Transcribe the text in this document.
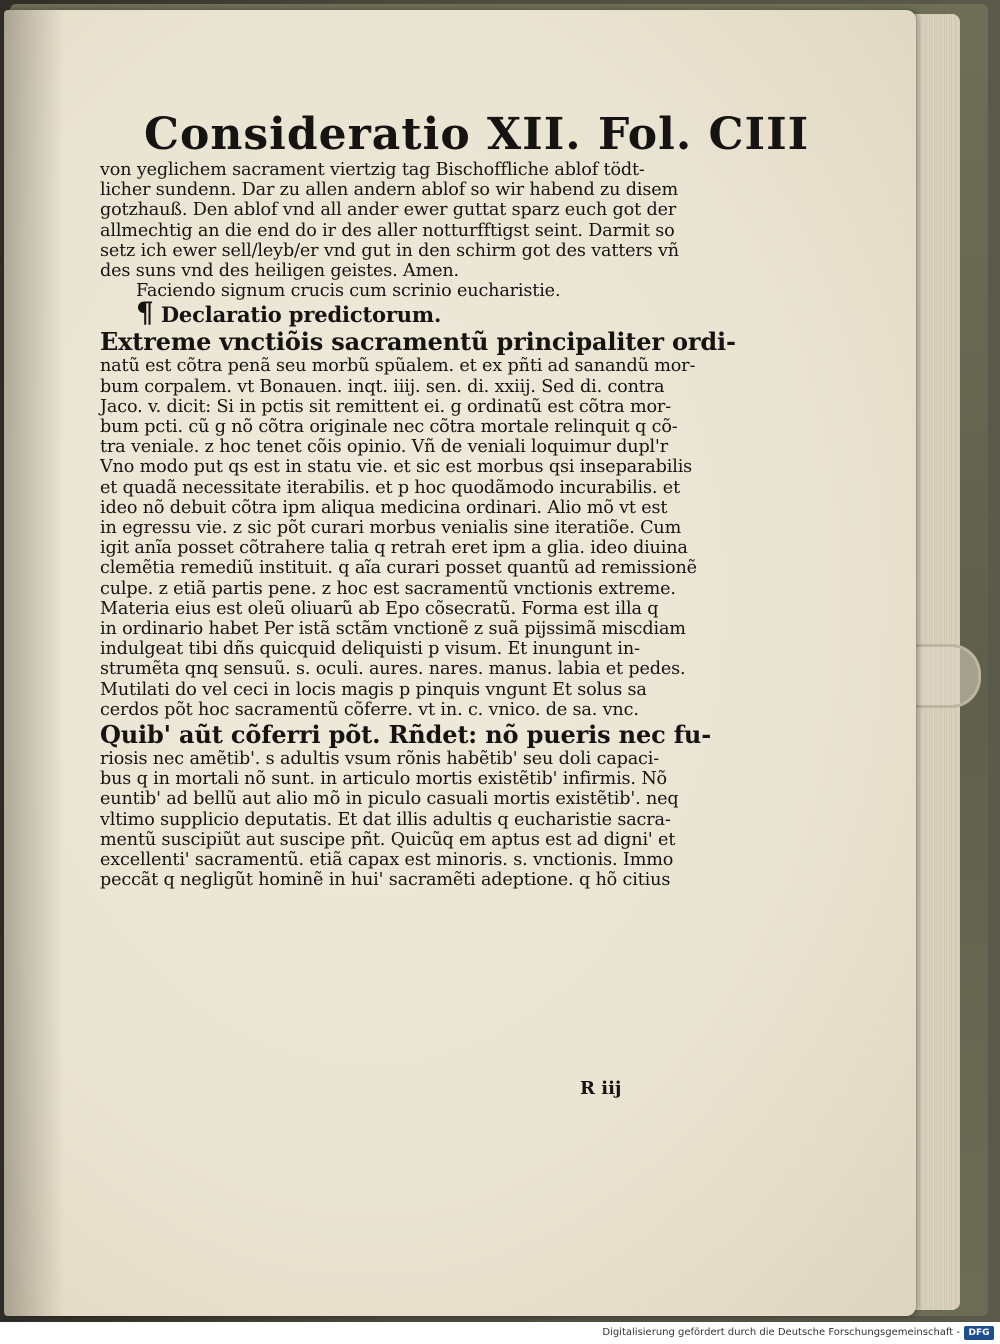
Consideratio XII. Fol. CIII
von yeglichem sacrament viertzig tag Bischoffliche ablof tödt-
licher sundenn. Dar zu allen andern ablof so wir habend zu disem
gotzhauß. Den ablof vnd all ander ewer guttat sparz euch got der
allmechtig an die end do ir des aller notturfftigst seint. Darmit so
setz ich ewer sell/leyb/er vnd gut in den schirm got des vatters vñ
des suns vnd des heiligen geistes. Amen.
Faciendo signum crucis cum scrinio eucharistie.
¶ Declaratio predictorum.
Extreme vnctiõis sacramentũ principaliter ordi-
natũ est cõtra penã seu morbũ spũalem. et ex pñti ad sanandũ mor-
bum corpalem. vt Bonauen. inqt. iiij. sen. di. xxiij. Sed di. contra
Jaco. v. dicit: Si in pctis sit remittent ei. g ordinatũ est cõtra mor-
bum pcti. cũ g nõ cõtra originale nec cõtra mortale relinquit q cõ-
tra veniale. z hoc tenet cõis opinio. Vñ de veniali loquimur dupl'r
Vno modo put qs est in statu vie. et sic est morbus qsi inseparabilis
et quadã necessitate iterabilis. et p hoc quodãmodo incurabilis. et
ideo nõ debuit cõtra ipm aliqua medicina ordinari. Alio mõ vt est
in egressu vie. z sic põt curari morbus venialis sine iteratiõe. Cum
igit anĩa posset cõtrahere talia q retrah eret ipm a glia. ideo diuina
clemẽtia remediũ instituit. q aĩa curari posset quantũ ad remissionẽ
culpe. z etiã partis pene. z hoc est sacramentũ vnctionis extreme.
Materia eius est oleũ oliuarũ ab Epo cõsecratũ. Forma est illa q
in ordinario habet Per istã sctãm vnctionẽ z suã pijssimã miscdiam
indulgeat tibi dñs quicquid deliquisti p visum. Et inungunt in-
strumẽta qnq sensuũ. s. oculi. aures. nares. manus. labia et pedes.
Mutilati do vel ceci in locis magis p pinquis vngunt Et solus sa
cerdos põt hoc sacramentũ cõferre. vt in. c. vnico. de sa. vnc.
Quib' aũt cõferri põt. Rñdet: nõ pueris nec fu-
riosis nec amẽtib'. s adultis vsum rõnis habẽtib' seu doli capaci-
bus q in mortali nõ sunt. in articulo mortis existẽtib' infirmis. Nõ
euntib' ad bellũ aut alio mõ in piculo casuali mortis existẽtib'. neq
vltimo supplicio deputatis. Et dat illis adultis q eucharistie sacra-
mentũ suscipiũt aut suscipe pñt. Quicũq em aptus est ad digni' et
excellenti' sacramentũ. etiã capax est minoris. s. vnctionis. Immo
peccãt q negligũt hominẽ in hui' sacramẽti adeptione. q hõ citius
R iij
Digitalisierung gefördert durch die Deutsche Forschungsgemeinschaft - DFG
